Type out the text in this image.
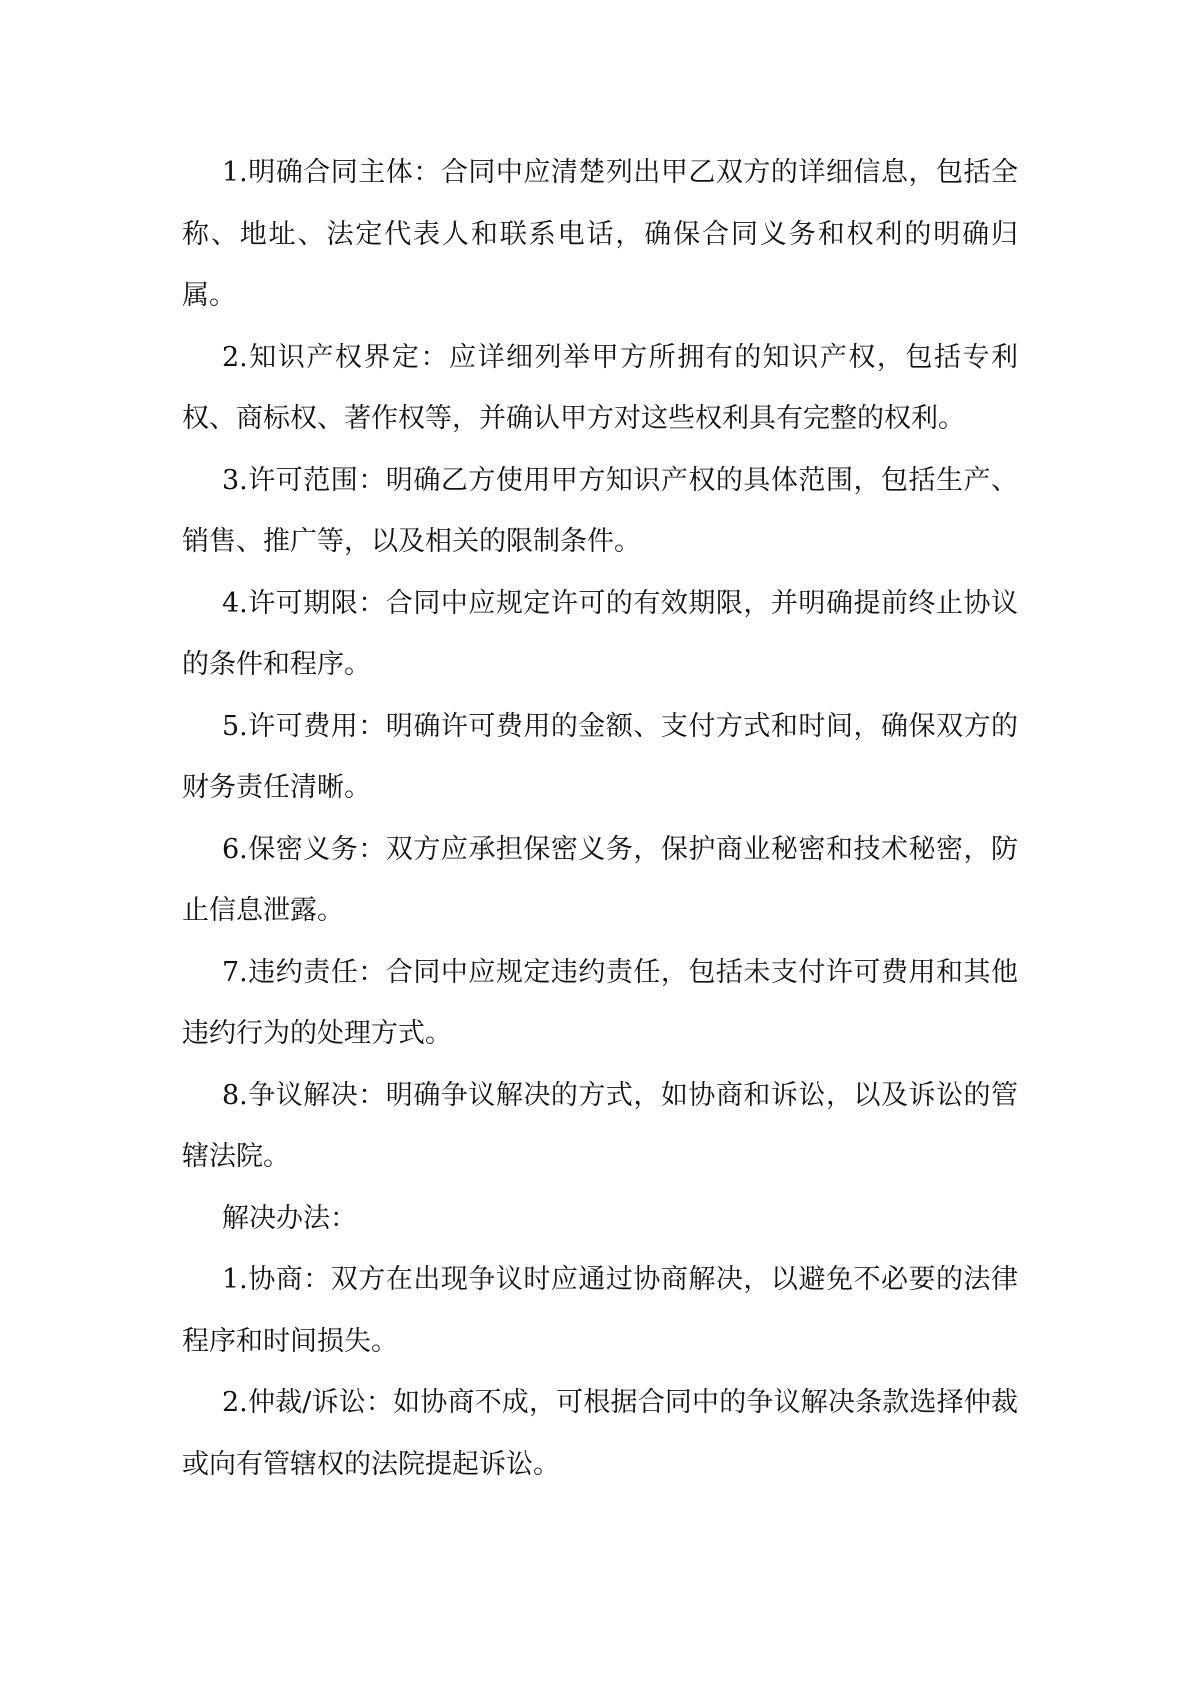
1.明确合同主体：合同中应清楚列出甲乙双方的详细信息，包括全称、地址、法定代表人和联系电话，确保合同义务和权利的明确归属。

2.知识产权界定：应详细列举甲方所拥有的知识产权，包括专利权、商标权、著作权等，并确认甲方对这些权利具有完整的权利。

3.许可范围：明确乙方使用甲方知识产权的具体范围，包括生产、销售、推广等，以及相关的限制条件。

4.许可期限：合同中应规定许可的有效期限，并明确提前终止协议的条件和程序。

5.许可费用：明确许可费用的金额、支付方式和时间，确保双方的财务责任清晰。

6.保密义务：双方应承担保密义务，保护商业秘密和技术秘密，防止信息泄露。

7.违约责任：合同中应规定违约责任，包括未支付许可费用和其他违约行为的处理方式。

8.争议解决：明确争议解决的方式，如协商和诉讼，以及诉讼的管辖法院。

解决办法：

1.协商：双方在出现争议时应通过协商解决，以避免不必要的法律程序和时间损失。

2.仲裁/诉讼：如协商不成，可根据合同中的争议解决条款选择仲裁或向有管辖权的法院提起诉讼。
